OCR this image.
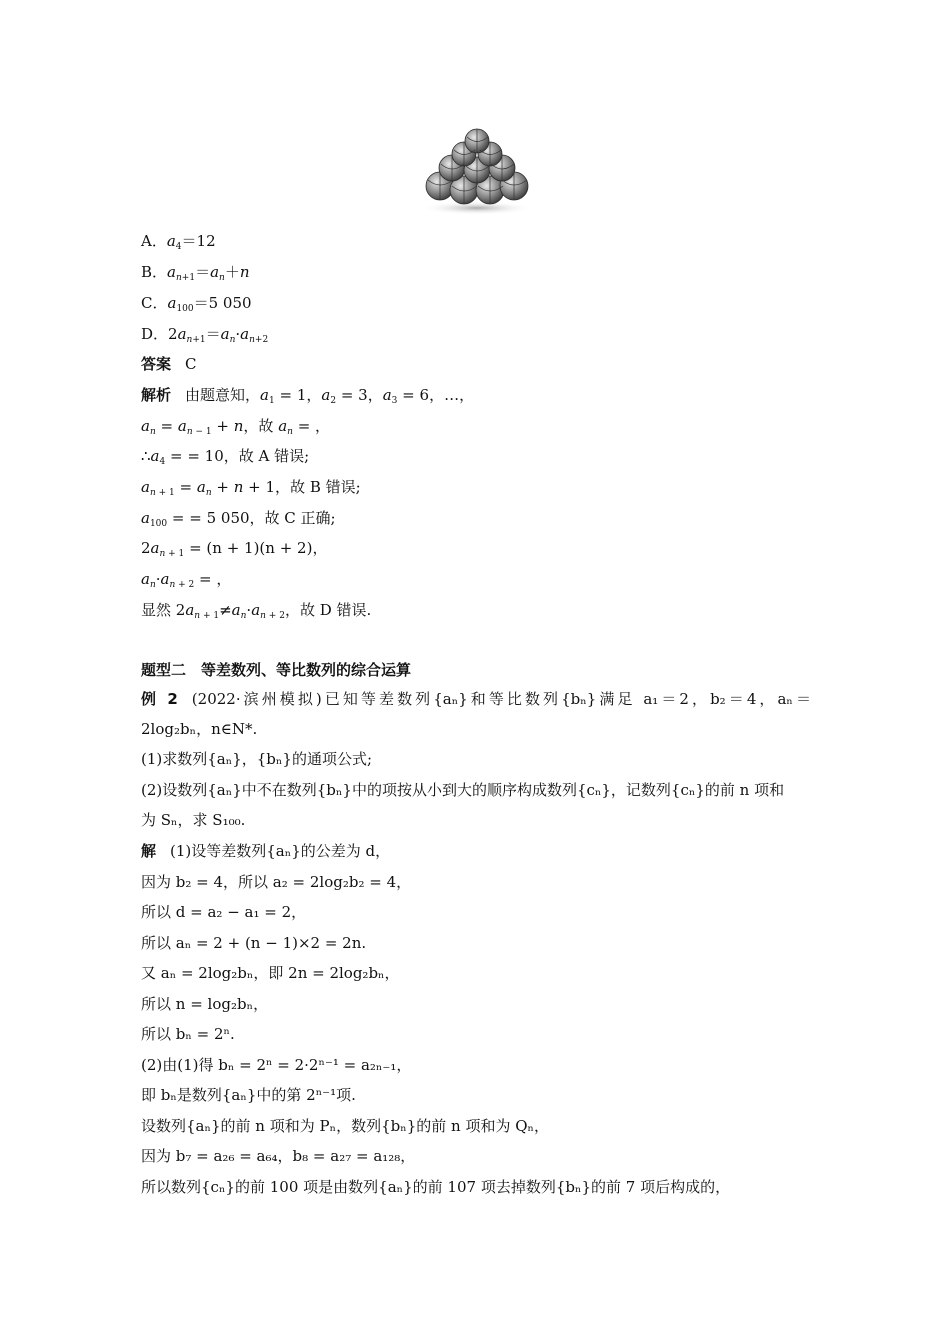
A．$a_4=12$
B．$a_{n+1}=a_n+n$
C．$a_{100}=5$ 050
D．$2a_{n+1}=a_n\cdot a_{n+2}$
答案 C
解析 由题意知，$a_1 = 1$，$a_2 = 3$，$a_3 = 6$，…，
$a_n = a_{n - 1} + n$，故 $a_n$ = ，
$\therefore a_4$ = = 10，故 A 错误;
$a_{n + 1} = a_n + n + 1$，故 B 错误;
$a_{100}$ = = 5 050，故 C 正确;
$2a_{n + 1} = (n + 1)(n + 2)$，
$a_n\cdot a_{n + 2}$ = ，
显然 $2a_{n + 1}\ne a_n\cdot a_{n + 2}$，故 D 错误.
题型二　等差数列、等比数列的综合运算
例 2 (2022·滨州模拟)已知等差数列{aₙ}和等比数列{bₙ}满足 a₁＝2，b₂＝4，aₙ＝
2log₂bₙ，n∈N*.
(1)求数列{aₙ}，{bₙ}的通项公式;
(2)设数列{aₙ}中不在数列{bₙ}中的项按从小到大的顺序构成数列{cₙ}，记数列{cₙ}的前 n 项和
为 Sₙ，求 S₁₀₀.
解 (1)设等差数列{aₙ}的公差为 d，
因为 b₂ = 4，所以 a₂ = 2log₂b₂ = 4，
所以 d = a₂ − a₁ = 2，
所以 aₙ = 2 + (n − 1)×2 = 2n.
又 aₙ = 2log₂bₙ，即 2n = 2log₂bₙ，
所以 n = log₂bₙ，
所以 bₙ = 2ⁿ.
(2)由(1)得 bₙ = 2ⁿ = 2·2ⁿ⁻¹ = a₂ₙ₋₁，
即 bₙ是数列{aₙ}中的第 2ⁿ⁻¹项.
设数列{aₙ}的前 n 项和为 Pₙ，数列{bₙ}的前 n 项和为 Qₙ，
因为 b₇ = a₂₆ = a₆₄，b₈ = a₂₇ = a₁₂₈，
所以数列{cₙ}的前 100 项是由数列{aₙ}的前 107 项去掉数列{bₙ}的前 7 项后构成的，
